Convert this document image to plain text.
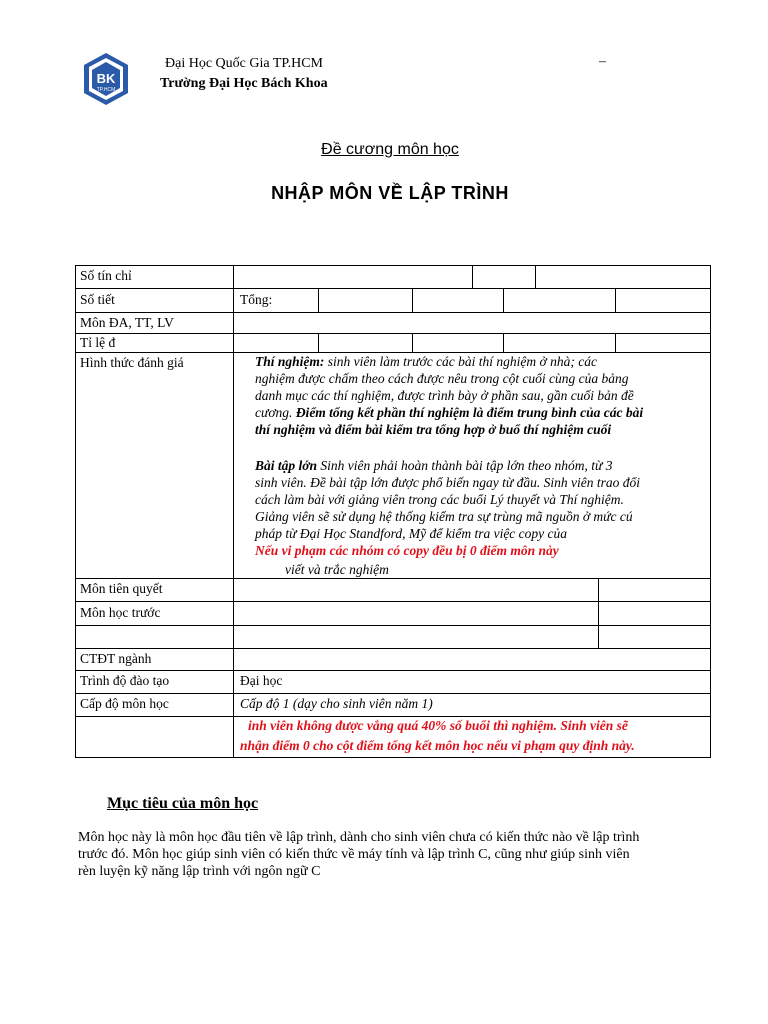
BK
TP.HCM
Đại Học Quốc Gia TP.HCM
Trường Đại Học Bách Khoa
–
Đề cương môn học
NHẬP MÔN VỀ LẬP TRÌNH
Số tín chỉ
Số tiết	Tổng:
Môn ĐA, TT, LV
Tỉ lệ đ
Hình thức đánh giá	Thí nghiệm: sinh viên làm trước các bài thí nghiệm ở nhà; các
nghiệm được chấm theo cách được nêu trong cột cuối cùng của bảng
danh mục các thí nghiệm, được trình bày ở phần sau, gần cuối bản đề
cương. Điểm tổng kết phần thí nghiệm là điểm trung bình của các bài
thí nghiệm và điểm bài kiểm tra tổng hợp ở buổ thí nghiệm cuối
Bài tập lớn Sinh viên phải hoàn thành bài tập lớn theo nhóm, từ 3
sinh viên. Đề bài tập lớn được phổ biến ngay từ đầu. Sinh viên trao đổi
cách làm bài với giảng viên trong các buổi Lý thuyết và Thí nghiệm.
Giảng viên sẽ sử dụng hệ thống kiểm tra sự trùng mã nguồn ở mức cú
pháp từ Đại Học Standford, Mỹ để kiểm tra việc copy của
Nếu vi phạm các nhóm có copy đều bị 0 điểm môn này
viết và trắc nghiệm
Môn tiên quyết
Môn học trước
CTĐT ngành
Trình độ đào tạo	Đại học
Cấp độ môn học	Cấp độ 1 (dạy cho sinh viên năm 1)
inh viên không được vắng quá 40% số buổi thì nghiệm. Sinh viên sẽ
nhận điểm 0 cho cột điểm tổng kết môn học nếu vi phạm quy định này.
Mục tiêu của môn học
Môn học này là môn học đầu tiên về lập trình, dành cho sinh viên chưa có kiến thức nào về lập trình
trước đó. Môn học giúp sinh viên có kiến thức về máy tính và lập trình C, cũng như giúp sinh viên
rèn luyện kỹ năng lập trình với ngôn ngữ C
